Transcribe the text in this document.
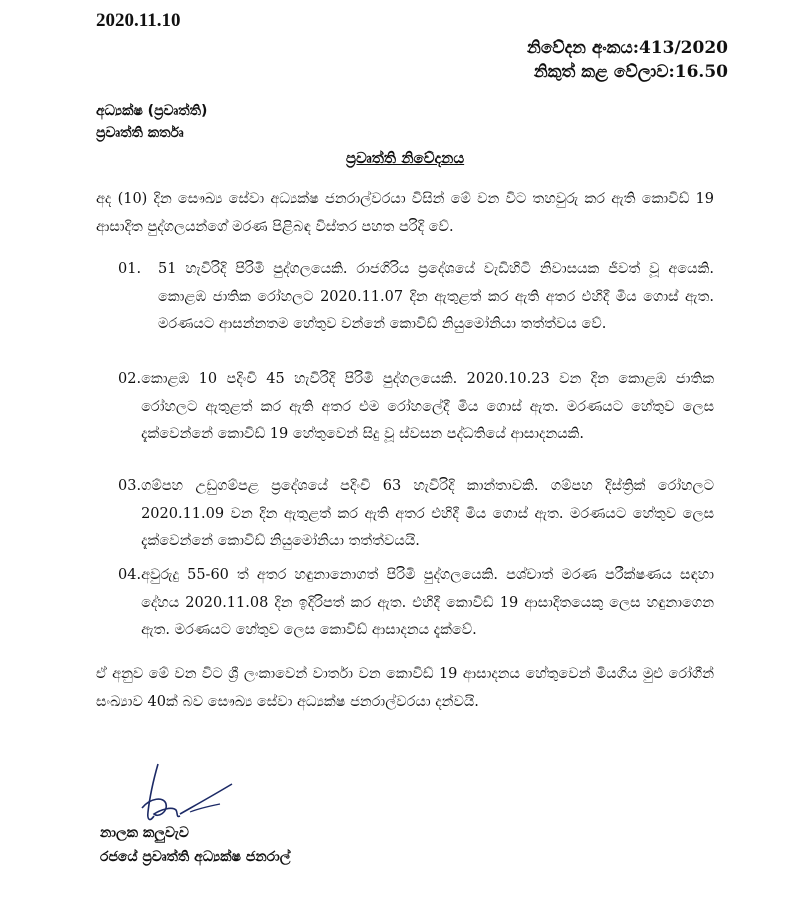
2020.11.10
නිවේදන අංකය:413/2020
නිකුත් කළ වේලාව:16.50
අධ්‍යක්ෂ (ප්‍රවෘත්ති)
ප්‍රවෘත්ති කර්තෘ
ප්‍රවෘත්ති නිවේදනය
අද (10) දින සෞඛ්‍ය සේවා අධ්‍යක්ෂ ජනරාල්වරයා විසින් මේ වන විට තහවුරු කර ඇති කොවිඩ් 19 ආසාදිත පුද්ගලයන්ගේ මරණ පිළිබඳ විස්තර පහත පරිදි වේ.
01.	51 හැවිරිදි පිරිමි පුද්ගලයෙකි. රාජගිරිය ප්‍රදේශයේ වැඩිහිටි නිවාසයක ජීවත් වූ අයෙකි. කොළඹ ජාතික රෝහලට 2020.11.07 දින ඇතුළත් කර ඇති අතර එහිදී මිය ගොස් ඇත. මරණයට ආසන්නතම හේතුව වන්නේ කොවිඩ් නියුමෝනියා තත්ත්වය වේ.
02. කොළඹ 10 පදිංචි 45 හැවිරිදි පිරිමි පුද්ගලයෙකි. 2020.10.23 වන දින කොළඹ ජාතික රෝහලට ඇතුළත් කර ඇති අතර එම රෝහලේදී මිය ගොස් ඇත. මරණයට හේතුව ලෙස දැක්වෙන්නේ කොවිඩ් 19 හේතුවෙන් සිදු වූ ස්වසන පද්ධතියේ ආසාදනයකි.
03. ගම්පහ උඩුගම්පළ ප්‍රදේශයේ පදිංචි 63 හැවිරිදි කාන්තාවකි. ගම්පහ දිස්ත්‍රික් රෝහලට 2020.11.09 වන දින ඇතුළත් කර ඇති අතර එහිදී මිය ගොස් ඇත. මරණයට හේතුව ලෙස දැක්වෙන්නේ කොවිඩ් නියුමෝනියා තත්ත්වයයි.
04. අවුරුදු 55-60 ත් අතර හඳුනානොගත් පිරිමි පුද්ගලයෙකි. පශ්චාත් මරණ පරීක්ෂණය සඳහා දේහය 2020.11.08 දින ඉදිරිපත් කර ඇත. එහිදී කොවිඩ් 19 ආසාදිතයෙකු ලෙස හඳුනාගෙන ඇත. මරණයට හේතුව ලෙස කොවිඩ් ආසාදනය දැක්වේ.
ඒ අනුව මේ වන විට ශ්‍රී ලංකාවෙන් වාර්තා වන කොවිඩ් 19 ආසාදනය හේතුවෙන් මියගිය මුළු රෝගීන් සංඛ්‍යාව 40ක් බව සෞඛ්‍ය සේවා අධ්‍යක්ෂ ජනරාල්වරයා දන්වයි.
නාලක කලුවැව
රජයේ ප්‍රවෘත්ති අධ්‍යක්ෂ ජනරාල්
